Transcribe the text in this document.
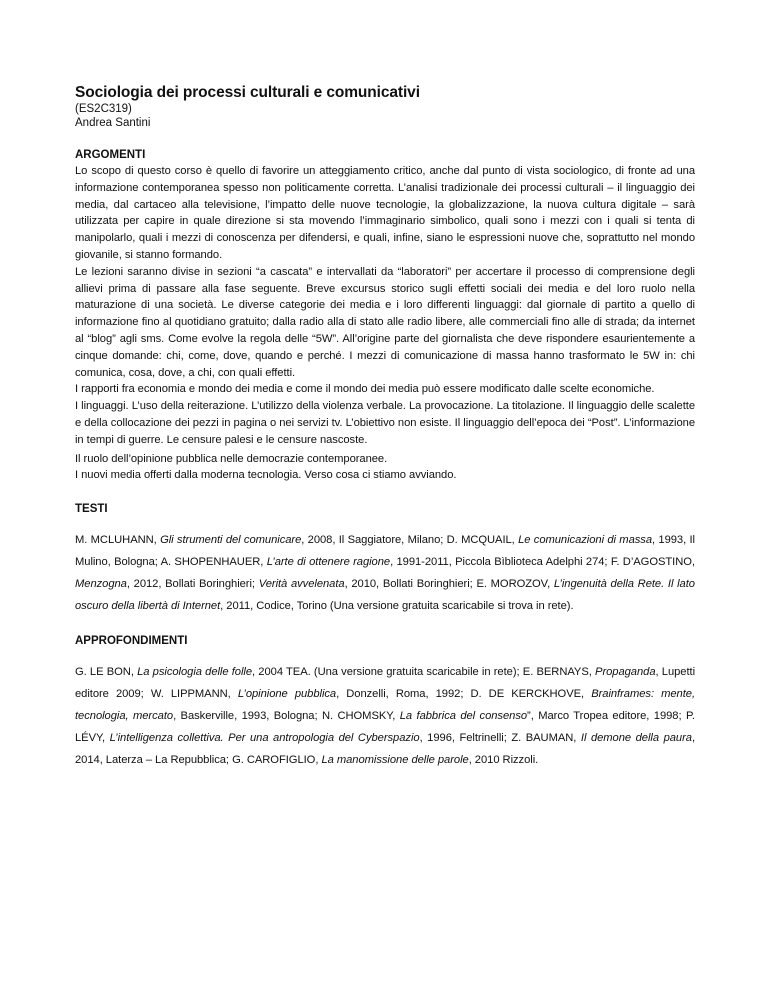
Sociologia dei processi culturali e comunicativi

(ES2C319)

Andrea Santini

ARGOMENTI

Lo scopo di questo corso è quello di favorire un atteggiamento critico, anche dal punto di vista sociologico, di fronte ad una informazione contemporanea spesso non politicamente corretta. L’analisi tradizionale dei processi culturali – il linguaggio dei media, dal cartaceo alla televisione, l’impatto delle nuove tecnologie, la globalizzazione, la nuova cultura digitale – sarà utilizzata per capire in quale direzione si sta movendo l’immaginario simbolico, quali sono i mezzi con i quali si tenta di manipolarlo, quali i mezzi di conoscenza per difendersi, e quali, infine, siano le espressioni nuove che, soprattutto nel mondo giovanile, si stanno formando.

Le lezioni saranno divise in sezioni “a cascata” e intervallati da “laboratori” per accertare il processo di comprensione degli allievi prima di passare alla fase seguente. Breve excursus storico sugli effetti sociali dei media e del loro ruolo nella maturazione di una società. Le diverse categorie dei media e i loro differenti linguaggi: dal giornale di partito a quello di informazione fino al quotidiano gratuito; dalla radio alla di stato alle radio libere, alle commerciali fino alle di strada; da internet al “blog” agli sms. Come evolve la regola delle “5W”. All’origine parte del giornalista che deve rispondere esaurientemente a cinque domande: chi, come, dove, quando e perché. I mezzi di comunicazione di massa hanno trasformato le 5W in: chi comunica, cosa, dove, a chi, con quali effetti.

I rapporti fra economia e mondo dei media e come il mondo dei media può essere modificato dalle scelte economiche.

I linguaggi. L’uso della reiterazione. L’utilizzo della violenza verbale. La provocazione. La titolazione. Il linguaggio delle scalette e della collocazione dei pezzi in pagina o nei servizi tv. L’obiettivo non esiste. Il linguaggio dell’epoca dei “Post”. L’informazione in tempi di guerre. Le censure palesi e le censure nascoste.

Il ruolo dell’opinione pubblica nelle democrazie contemporanee.

I nuovi media offerti dalla moderna tecnologia. Verso cosa ci stiamo avviando.

TESTI

M. MCLUHANN, Gli strumenti del comunicare, 2008, Il Saggiatore, Milano; D. MCQUAIL, Le comunicazioni di massa, 1993, Il Mulino, Bologna; A. SHOPENHAUER, L’arte di ottenere ragione, 1991-2011, Piccola Bìblioteca Adelphi 274; F. D’AGOSTINO, Menzogna, 2012, Bollati Boringhieri; Verità avvelenata, 2010, Bollati Boringhieri; E. MOROZOV, L’ingenuità della Rete. Il lato oscuro della libertà di Internet, 2011, Codice, Torino (Una versione gratuita scaricabile si trova in rete).

APPROFONDIMENTI

G. LE BON, La psicologia delle folle, 2004 TEA. (Una versione gratuita scaricabile in rete); E. BERNAYS, Propaganda, Lupetti editore 2009; W. LIPPMANN, L’opinione pubblica, Donzelli, Roma, 1992; D. DE KERCKHOVE, Brainframes: mente, tecnologia, mercato, Baskerville, 1993, Bologna; N. CHOMSKY, La fabbrica del consenso”, Marco Tropea editore, 1998; P. LÉVY, L’intelligenza collettiva. Per una antropologia del Cyberspazio, 1996, Feltrinelli; Z. BAUMAN, Il demone della paura, 2014, Laterza – La Repubblica; G. CAROFIGLIO, La manomissione delle parole, 2010 Rizzoli.
